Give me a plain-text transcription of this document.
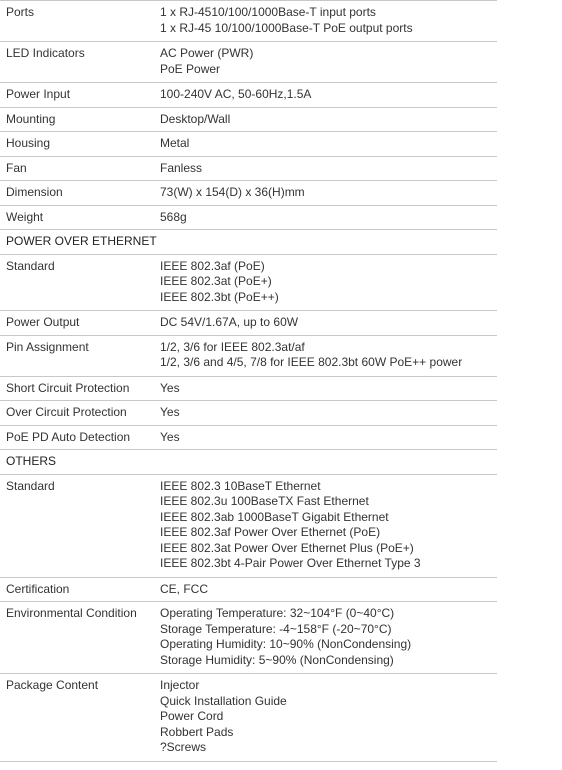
Ports	1 x RJ-4510/100/1000Base-T input ports
1 x RJ-45 10/100/1000Base-T PoE output ports
LED Indicators	AC Power (PWR)
PoE Power
Power Input	100-240V AC, 50-60Hz,1.5A
Mounting	Desktop/Wall
Housing	Metal
Fan	Fanless
Dimension	73(W) x 154(D) x 36(H)mm
Weight	568g
POWER OVER ETHERNET
Standard	IEEE 802.3af (PoE)
IEEE 802.3at (PoE+)
IEEE 802.3bt (PoE++)
Power Output	DC 54V/1.67A, up to 60W
Pin Assignment	1/2, 3/6 for IEEE 802.3at/af
1/2, 3/6 and 4/5, 7/8 for IEEE 802.3bt 60W PoE++ power
Short Circuit Protection	Yes
Over Circuit Protection	Yes
PoE PD Auto Detection	Yes
OTHERS
Standard	IEEE 802.3 10BaseT Ethernet
IEEE 802.3u 100BaseTX Fast Ethernet
IEEE 802.3ab 1000BaseT Gigabit Ethernet
IEEE 802.3af Power Over Ethernet (PoE)
IEEE 802.3at Power Over Ethernet Plus (PoE+)
IEEE 802.3bt 4-Pair Power Over Ethernet Type 3
Certification	CE, FCC
Environmental Condition	Operating Temperature: 32~104°F (0~40°C)
Storage Temperature: -4~158°F (-20~70°C)
Operating Humidity: 10~90% (NonCondensing)
Storage Humidity: 5~90% (NonCondensing)
Package Content	Injector
Quick Installation Guide
Power Cord
Robbert Pads
?Screws
